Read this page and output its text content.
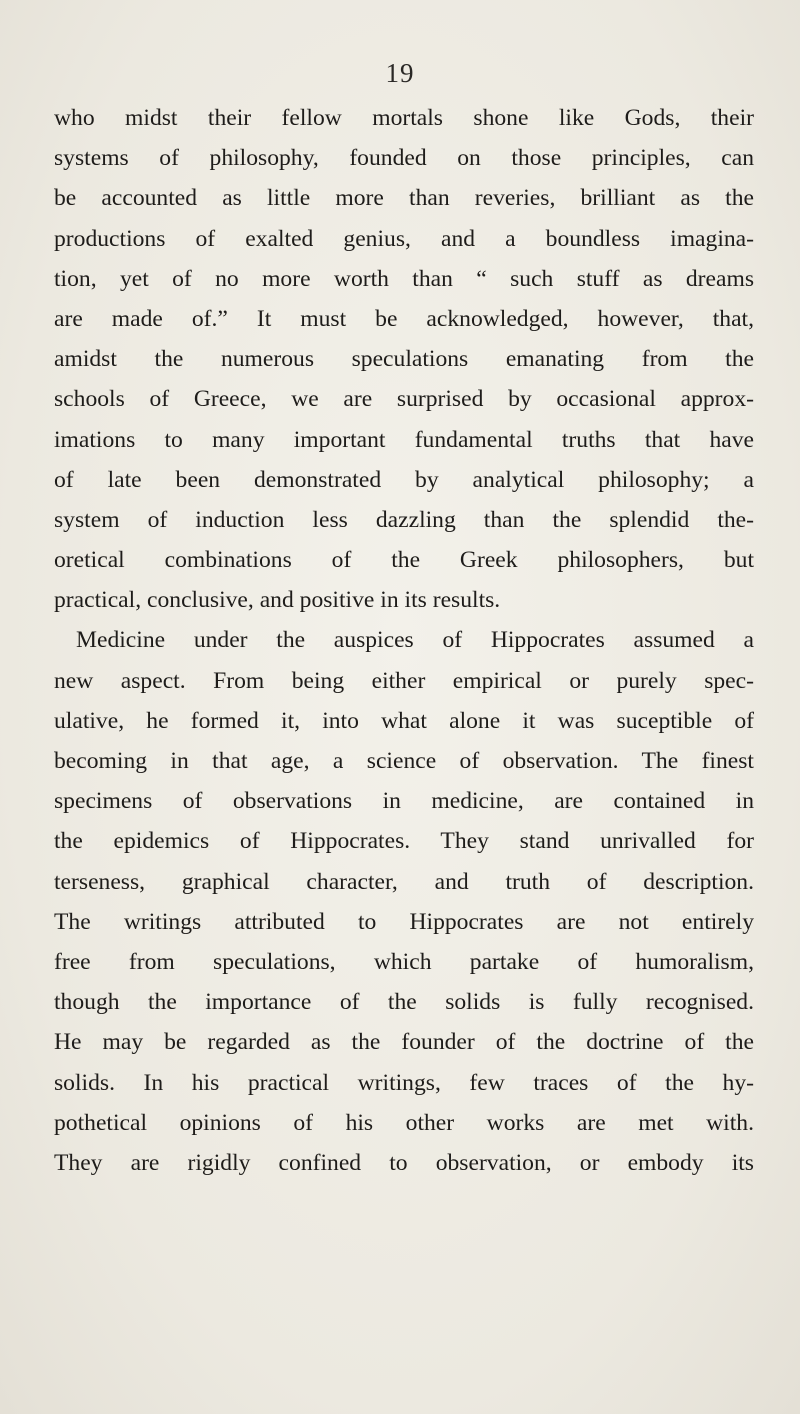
19
who midst their fellow mortals shone like Gods, their
systems of philosophy, founded on those principles, can
be accounted as little more than reveries, brilliant as the
productions of exalted genius, and a boundless imagina-
tion, yet of no more worth than “ such stuff as dreams
are made of.” It must be acknowledged, however, that,
amidst the numerous speculations emanating from the
schools of Greece, we are surprised by occasional approx-
imations to many important fundamental truths that have
of late been demonstrated by analytical philosophy; a
system of induction less dazzling than the splendid the-
oretical combinations of the Greek philosophers, but
practical, conclusive, and positive in its results.
Medicine under the auspices of Hippocrates assumed a
new aspect. From being either empirical or purely spec-
ulative, he formed it, into what alone it was suceptible of
becoming in that age, a science of observation. The finest
specimens of observations in medicine, are contained in
the epidemics of Hippocrates. They stand unrivalled for
terseness, graphical character, and truth of description.
The writings attributed to Hippocrates are not entirely
free from speculations, which partake of humoralism,
though the importance of the solids is fully recognised.
He may be regarded as the founder of the doctrine of the
solids. In his practical writings, few traces of the hy-
pothetical opinions of his other works are met with.
They are rigidly confined to observation, or embody its
